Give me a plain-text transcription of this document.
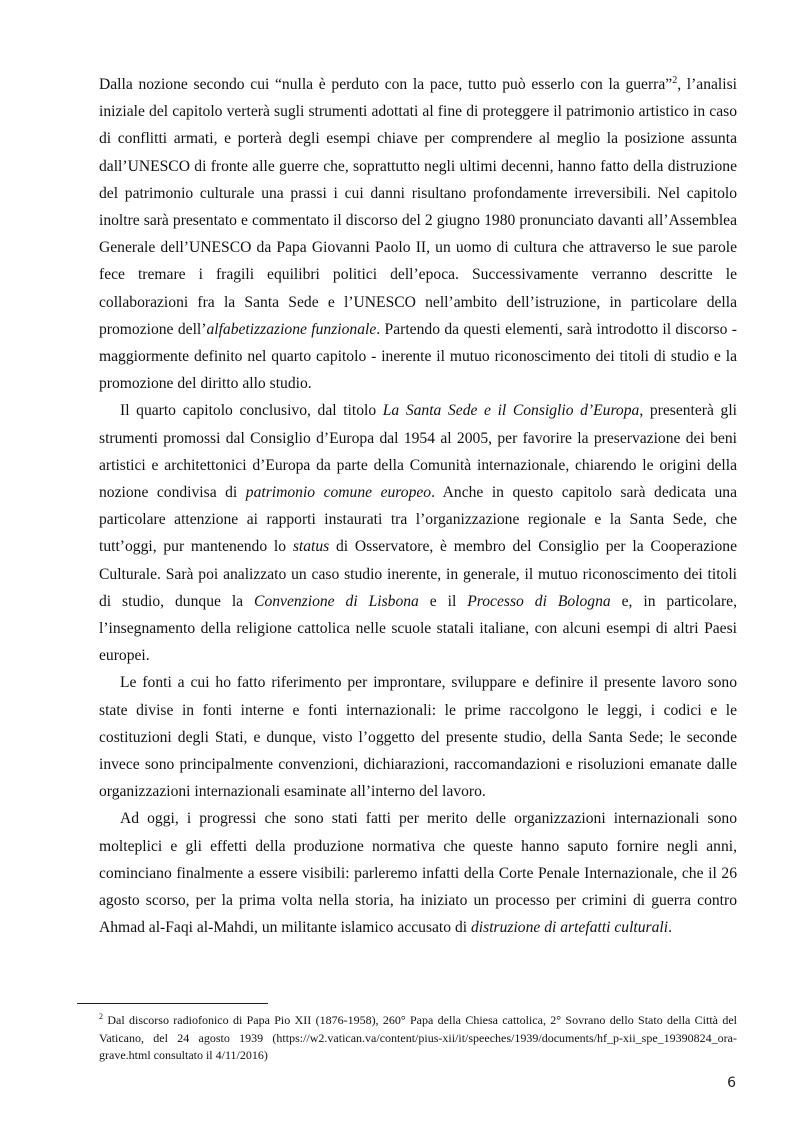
Dalla nozione secondo cui “nulla è perduto con la pace, tutto può esserlo con la guerra”$^2$, l’analisi iniziale del capitolo verterà sugli strumenti adottati al fine di proteggere il patrimonio artistico in caso di conflitti armati, e porterà degli esempi chiave per comprendere al meglio la posizione assunta dall’UNESCO di fronte alle guerre che, soprattutto negli ultimi decenni, hanno fatto della distruzione del patrimonio culturale una prassi i cui danni risultano profondamente irreversibili. Nel capitolo inoltre sarà presentato e commentato il discorso del 2 giugno 1980 pronunciato davanti all’Assemblea Generale dell’UNESCO da Papa Giovanni Paolo II, un uomo di cultura che attraverso le sue parole fece tremare i fragili equilibri politici dell’epoca. Successivamente verranno descritte le collaborazioni fra la Santa Sede e l’UNESCO nell’ambito dell’istruzione, in particolare della promozione dell’alfabetizzazione funzionale. Partendo da questi elementi, sarà introdotto il discorso - maggiormente definito nel quarto capitolo - inerente il mutuo riconoscimento dei titoli di studio e la promozione del diritto allo studio.

Il quarto capitolo conclusivo, dal titolo La Santa Sede e il Consiglio d’Europa, presenterà gli strumenti promossi dal Consiglio d’Europa dal 1954 al 2005, per favorire la preservazione dei beni artistici e architettonici d’Europa da parte della Comunità internazionale, chiarendo le origini della nozione condivisa di patrimonio comune europeo. Anche in questo capitolo sarà dedicata una particolare attenzione ai rapporti instaurati tra l’organizzazione regionale e la Santa Sede, che tutt’oggi, pur mantenendo lo status di Osservatore, è membro del Consiglio per la Cooperazione Culturale. Sarà poi analizzato un caso studio inerente, in generale, il mutuo riconoscimento dei titoli di studio, dunque la Convenzione di Lisbona e il Processo di Bologna e, in particolare, l’insegnamento della religione cattolica nelle scuole statali italiane, con alcuni esempi di altri Paesi europei.

Le fonti a cui ho fatto riferimento per improntare, sviluppare e definire il presente lavoro sono state divise in fonti interne e fonti internazionali: le prime raccolgono le leggi, i codici e le costituzioni degli Stati, e dunque, visto l’oggetto del presente studio, della Santa Sede; le seconde invece sono principalmente convenzioni, dichiarazioni, raccomandazioni e risoluzioni emanate dalle organizzazioni internazionali esaminate all’interno del lavoro.

Ad oggi, i progressi che sono stati fatti per merito delle organizzazioni internazionali sono molteplici e gli effetti della produzione normativa che queste hanno saputo fornire negli anni, cominciano finalmente a essere visibili: parleremo infatti della Corte Penale Internazionale, che il 26 agosto scorso, per la prima volta nella storia, ha iniziato un processo per crimini di guerra contro Ahmad al-Faqi al-Mahdi, un militante islamico accusato di distruzione di artefatti culturali.

$^2$ Dal discorso radiofonico di Papa Pio XII (1876-1958), 260° Papa della Chiesa cattolica, 2° Sovrano dello Stato della Città del Vaticano, del 24 agosto 1939 (https://w2.vatican.va/content/pius-xii/it/speeches/1939/documents/hf_p-xii_spe_19390824_ora-grave.html consultato il 4/11/2016)
6
